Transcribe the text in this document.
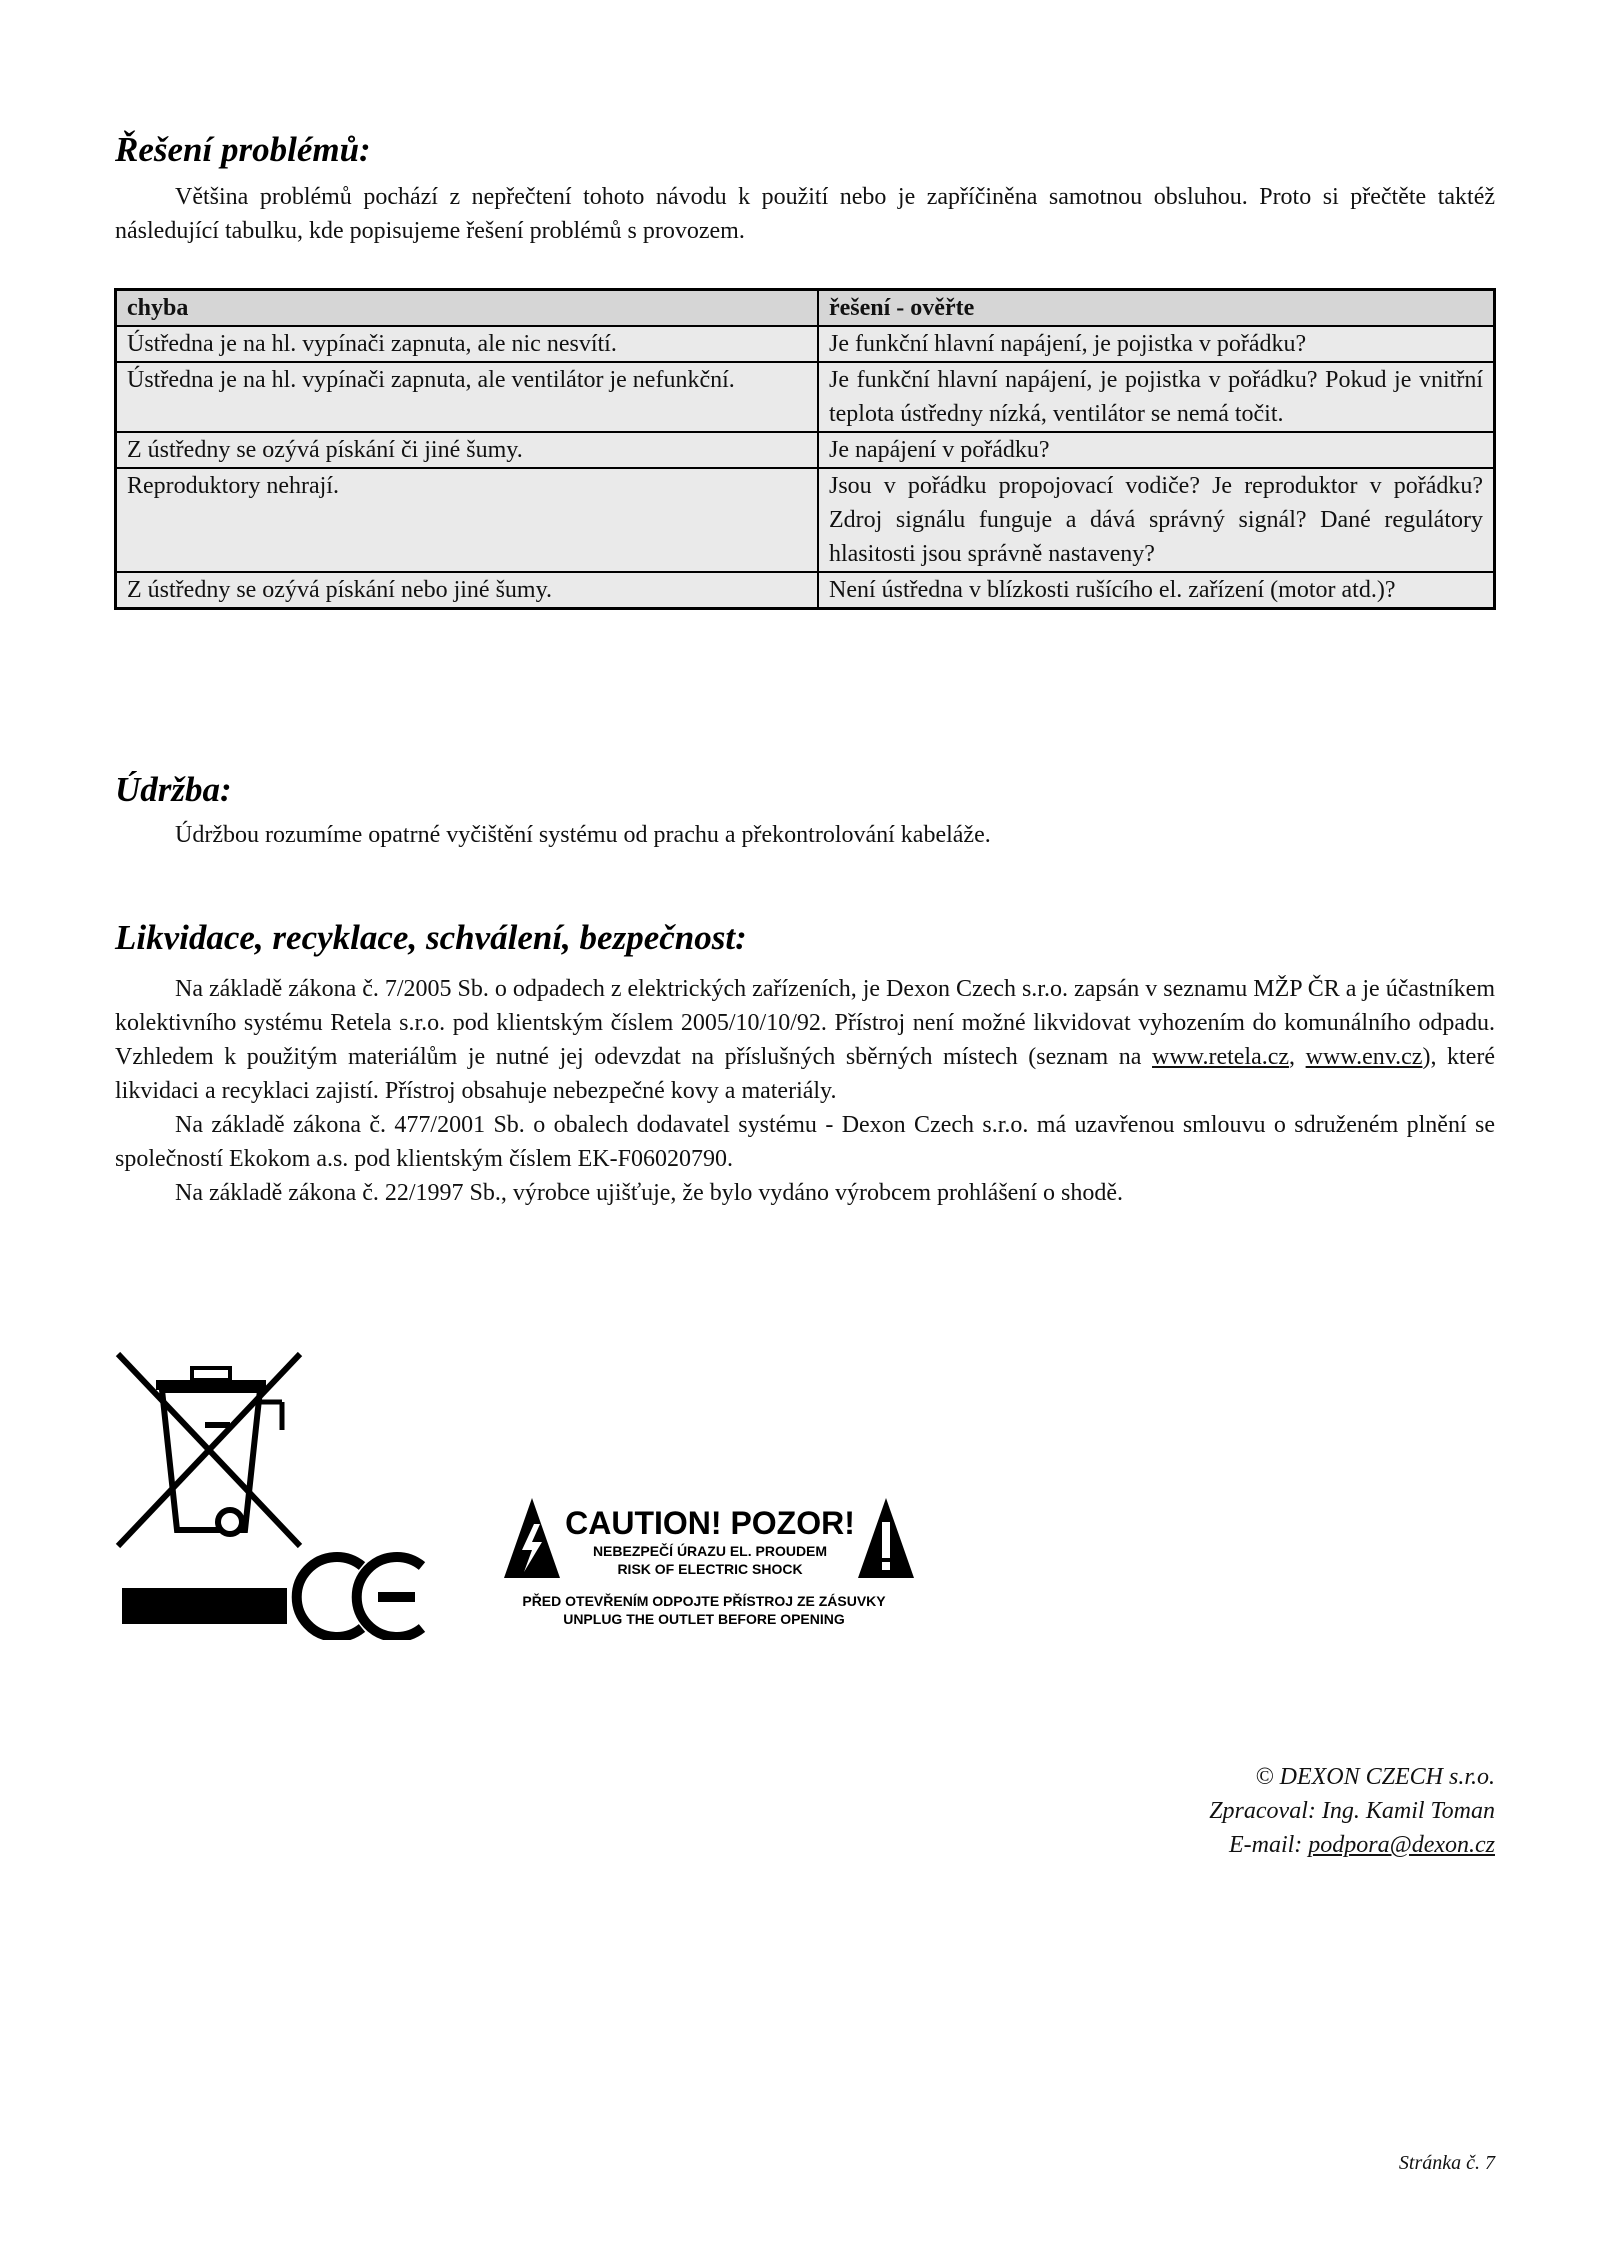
Řešení problémů:

Většina problémů pochází z nepřečtení tohoto návodu k použití nebo je zapříčiněna samotnou obsluhou. Proto si přečtěte taktéž následující tabulku, kde popisujeme řešení problémů s provozem.

chyba	řešení - ověřte
Ústředna je na hl. vypínači zapnuta, ale nic nesvítí.	Je funkční hlavní napájení, je pojistka v pořádku?
Ústředna je na hl. vypínači zapnuta, ale ventilátor je nefunkční.	Je funkční hlavní napájení, je pojistka v pořádku? Pokud je vnitřní teplota ústředny nízká, ventilátor se nemá točit.
Z ústředny se ozývá pískání či jiné šumy.	Je napájení v pořádku?
Reproduktory nehrají.	Jsou v pořádku propojovací vodiče? Je reproduktor v pořádku? Zdroj signálu funguje a dává správný signál? Dané regulátory hlasitosti jsou správně nastaveny?
Z ústředny se ozývá pískání nebo jiné šumy.	Není ústředna v blízkosti rušícího el. zařízení (motor atd.)?
Údržba:

Údržbou rozumíme opatrné vyčištění systému od prachu a překontrolování kabeláže.

Likvidace, recyklace, schválení, bezpečnost:

Na základě zákona č. 7/2005 Sb. o odpadech z elektrických zařízeních, je Dexon Czech s.r.o. zapsán v seznamu MŽP ČR a je účastníkem kolektivního systému Retela s.r.o. pod klientským číslem 2005/10/10/92. Přístroj není možné likvidovat vyhozením do komunálního odpadu. Vzhledem k použitým materiálům je nutné jej odevzdat na příslušných sběrných místech (seznam na www.retela.cz, www.env.cz), které likvidaci a recyklaci zajistí. Přístroj obsahuje nebezpečné kovy a materiály.

Na základě zákona č. 477/2001 Sb. o obalech dodavatel systému - Dexon Czech s.r.o. má uzavřenou smlouvu o sdruženém plnění se společností Ekokom a.s. pod klientským číslem EK-F06020790.

Na základě zákona č. 22/1997 Sb., výrobce ujišťuje, že bylo vydáno výrobcem prohlášení o shodě.

CAUTION! POZOR!
NEBEZPEČÍ ÚRAZU EL. PROUDEM
RISK OF ELECTRIC SHOCK
PŘED OTEVŘENÍM ODPOJTE PŘÍSTROJ ZE ZÁSUVKY
UNPLUG THE OUTLET BEFORE OPENING
© DEXON CZECH s.r.o.
Zpracoval: Ing. Kamil Toman
E-mail: podpora@dexon.cz
Stránka č. 7
